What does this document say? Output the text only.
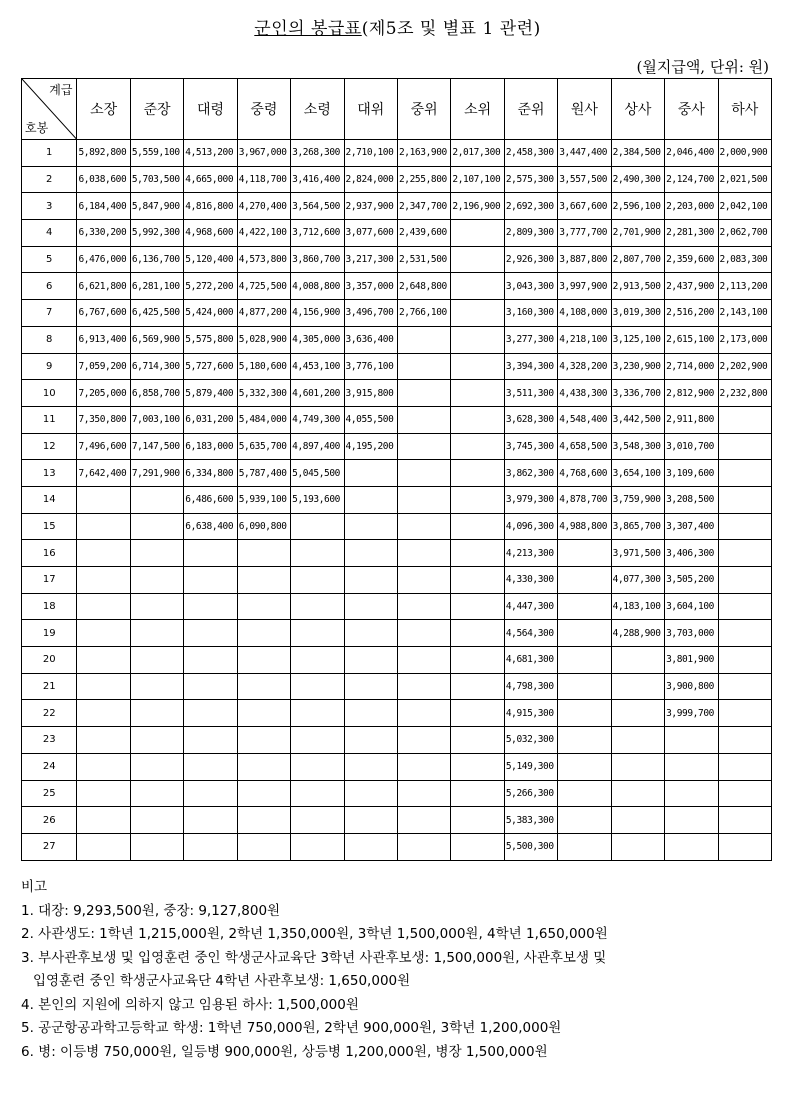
군인의 봉급표(제5조 및 별표 1 관련)
(월지급액, 단위: 원)
계급
호봉	소장	준장	대령	중령	소령	대위	중위	소위	준위	원사	상사	중사	하사
1	5,892,800	5,559,100	4,513,200	3,967,000	3,268,300	2,710,100	2,163,900	2,017,300	2,458,300	3,447,400	2,384,500	2,046,400	2,000,900
2	6,038,600	5,703,500	4,665,000	4,118,700	3,416,400	2,824,000	2,255,800	2,107,100	2,575,300	3,557,500	2,490,300	2,124,700	2,021,500
3	6,184,400	5,847,900	4,816,800	4,270,400	3,564,500	2,937,900	2,347,700	2,196,900	2,692,300	3,667,600	2,596,100	2,203,000	2,042,100
4	6,330,200	5,992,300	4,968,600	4,422,100	3,712,600	3,077,600	2,439,600		2,809,300	3,777,700	2,701,900	2,281,300	2,062,700
5	6,476,000	6,136,700	5,120,400	4,573,800	3,860,700	3,217,300	2,531,500		2,926,300	3,887,800	2,807,700	2,359,600	2,083,300
6	6,621,800	6,281,100	5,272,200	4,725,500	4,008,800	3,357,000	2,648,800		3,043,300	3,997,900	2,913,500	2,437,900	2,113,200
7	6,767,600	6,425,500	5,424,000	4,877,200	4,156,900	3,496,700	2,766,100		3,160,300	4,108,000	3,019,300	2,516,200	2,143,100
8	6,913,400	6,569,900	5,575,800	5,028,900	4,305,000	3,636,400			3,277,300	4,218,100	3,125,100	2,615,100	2,173,000
9	7,059,200	6,714,300	5,727,600	5,180,600	4,453,100	3,776,100			3,394,300	4,328,200	3,230,900	2,714,000	2,202,900
10	7,205,000	6,858,700	5,879,400	5,332,300	4,601,200	3,915,800			3,511,300	4,438,300	3,336,700	2,812,900	2,232,800
11	7,350,800	7,003,100	6,031,200	5,484,000	4,749,300	4,055,500			3,628,300	4,548,400	3,442,500	2,911,800	
12	7,496,600	7,147,500	6,183,000	5,635,700	4,897,400	4,195,200			3,745,300	4,658,500	3,548,300	3,010,700	
13	7,642,400	7,291,900	6,334,800	5,787,400	5,045,500				3,862,300	4,768,600	3,654,100	3,109,600	
14			6,486,600	5,939,100	5,193,600				3,979,300	4,878,700	3,759,900	3,208,500	
15			6,638,400	6,090,800					4,096,300	4,988,800	3,865,700	3,307,400	
16									4,213,300		3,971,500	3,406,300	
17									4,330,300		4,077,300	3,505,200	
18									4,447,300		4,183,100	3,604,100	
19									4,564,300		4,288,900	3,703,000	
20									4,681,300			3,801,900	
21									4,798,300			3,900,800	
22									4,915,300			3,999,700	
23									5,032,300				
24									5,149,300				
25									5,266,300				
26									5,383,300				
27									5,500,300				

비고

1. 대장: 9,293,500원, 중장: 9,127,800원

2. 사관생도: 1학년 1,215,000원, 2학년 1,350,000원, 3학년 1,500,000원, 4학년 1,650,000원

3. 부사관후보생 및 입영훈련 중인 학생군사교육단 3학년 사관후보생: 1,500,000원, 사관후보생 및

입영훈련 중인 학생군사교육단 4학년 사관후보생: 1,650,000원

4. 본인의 지원에 의하지 않고 임용된 하사: 1,500,000원

5. 공군항공과학고등학교 학생: 1학년 750,000원, 2학년 900,000원, 3학년 1,200,000원

6. 병: 이등병 750,000원, 일등병 900,000원, 상등병 1,200,000원, 병장 1,500,000원
